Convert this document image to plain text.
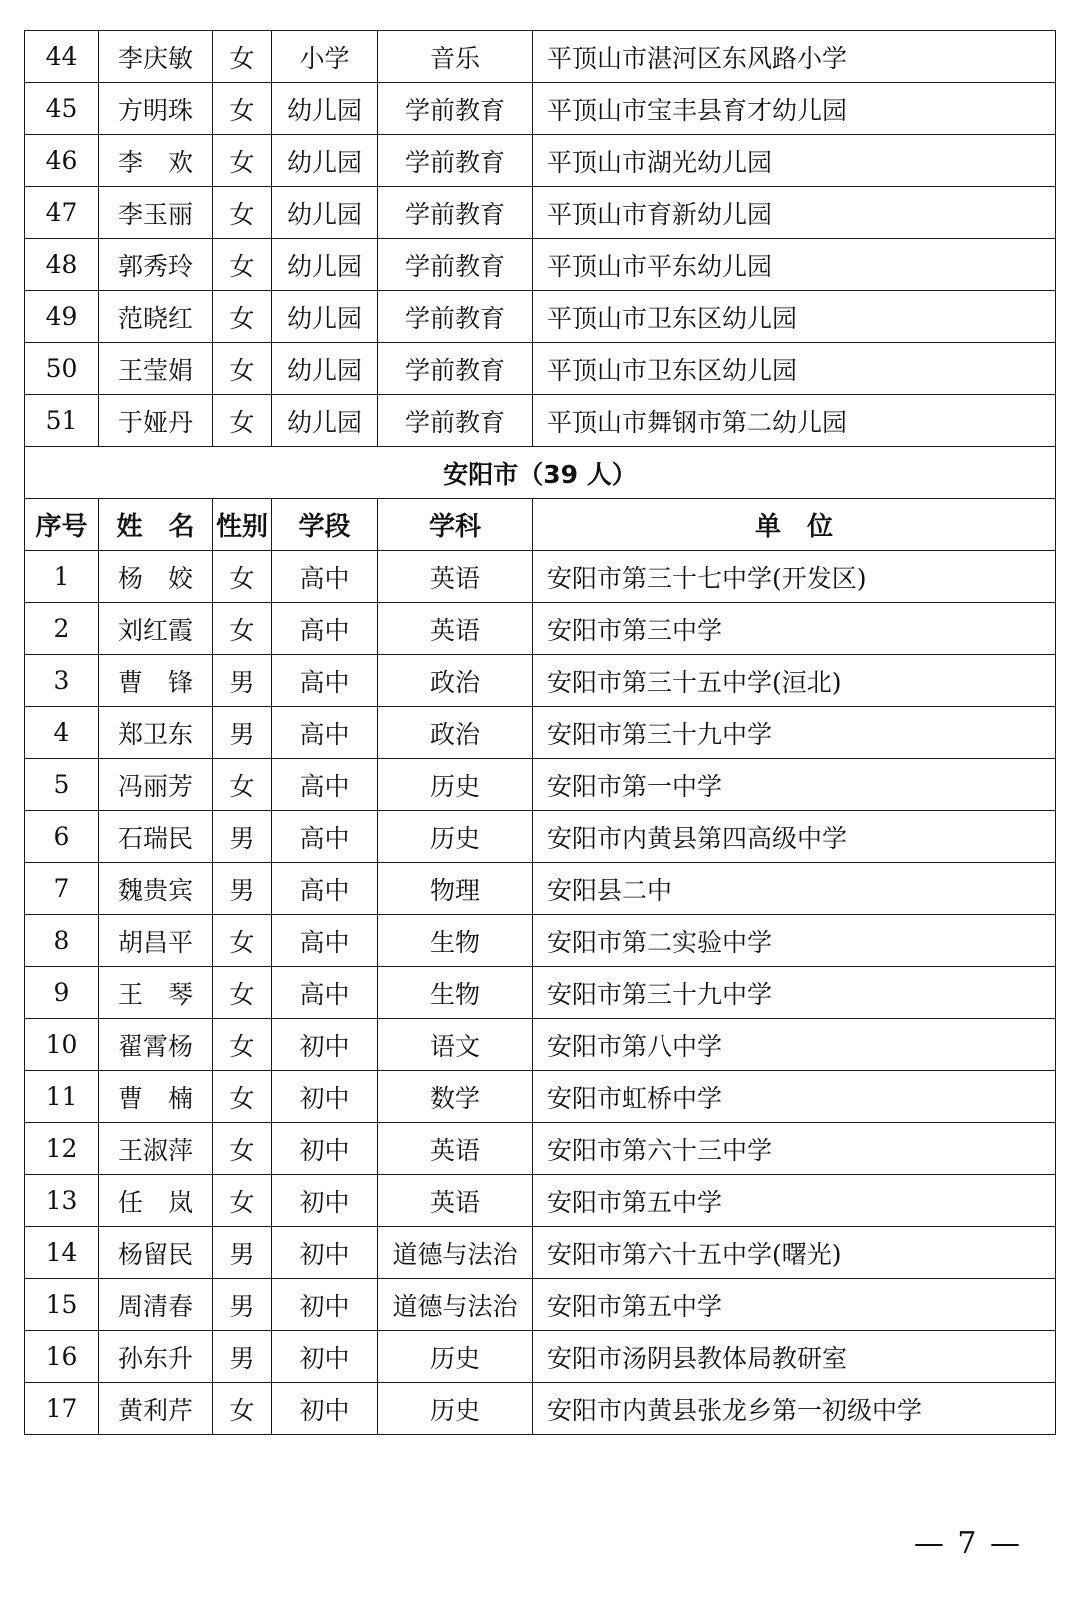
44	李庆敏	女	小学	音乐	平顶山市湛河区东风路小学
45	方明珠	女	幼儿园	学前教育	平顶山市宝丰县育才幼儿园
46	李　欢	女	幼儿园	学前教育	平顶山市湖光幼儿园
47	李玉丽	女	幼儿园	学前教育	平顶山市育新幼儿园
48	郭秀玲	女	幼儿园	学前教育	平顶山市平东幼儿园
49	范晓红	女	幼儿园	学前教育	平顶山市卫东区幼儿园
50	王莹娟	女	幼儿园	学前教育	平顶山市卫东区幼儿园
51	于娅丹	女	幼儿园	学前教育	平顶山市舞钢市第二幼儿园
安阳市（39 人）					
序号	姓　名	性别	学段	学科	单　位
1	杨　姣	女	高中	英语	安阳市第三十七中学(开发区)
2	刘红霞	女	高中	英语	安阳市第三中学
3	曹　锋	男	高中	政治	安阳市第三十五中学(洹北)
4	郑卫东	男	高中	政治	安阳市第三十九中学
5	冯丽芳	女	高中	历史	安阳市第一中学
6	石瑞民	男	高中	历史	安阳市内黄县第四高级中学
7	魏贵宾	男	高中	物理	安阳县二中
8	胡昌平	女	高中	生物	安阳市第二实验中学
9	王　琴	女	高中	生物	安阳市第三十九中学
10	翟霄杨	女	初中	语文	安阳市第八中学
11	曹　楠	女	初中	数学	安阳市虹桥中学
12	王淑萍	女	初中	英语	安阳市第六十三中学
13	任　岚	女	初中	英语	安阳市第五中学
14	杨留民	男	初中	道德与法治	安阳市第六十五中学(曙光)
15	周清春	男	初中	道德与法治	安阳市第五中学
16	孙东升	男	初中	历史	安阳市汤阴县教体局教研室
17	黄利芹	女	初中	历史	安阳市内黄县张龙乡第一初级中学
— 7 —
